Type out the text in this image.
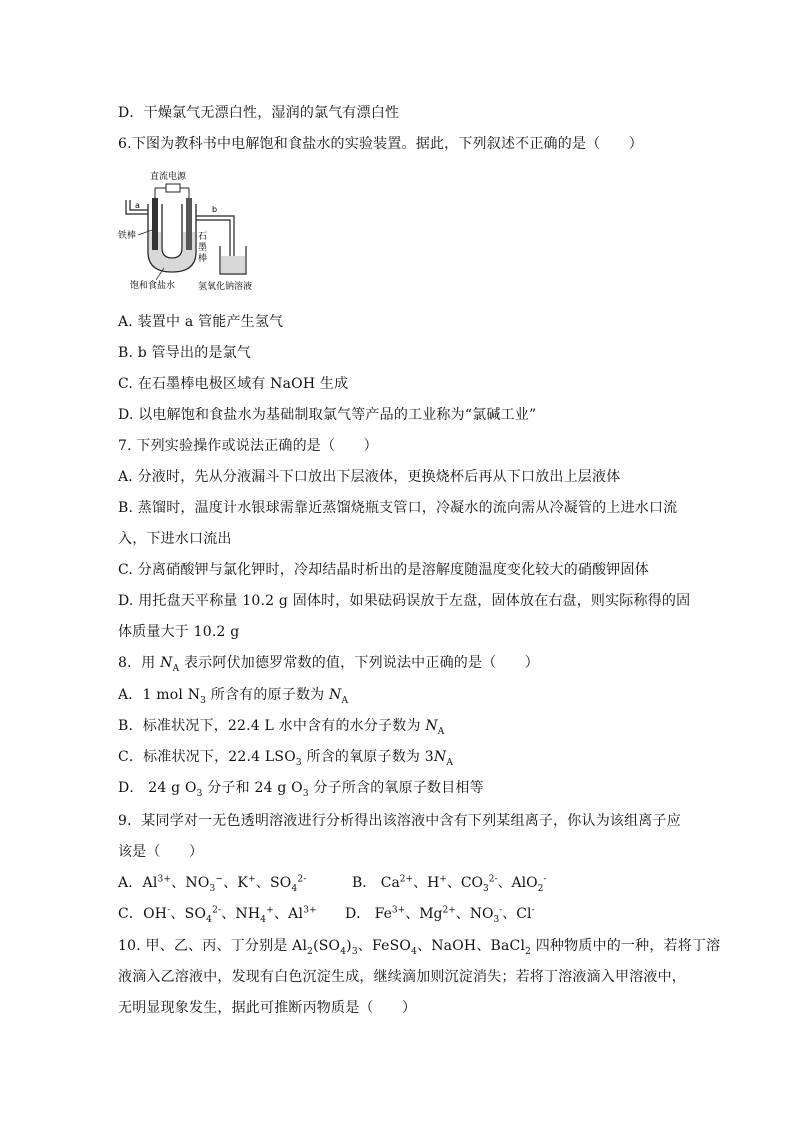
D．干燥氯气无漂白性，湿润的氯气有漂白性
6.下图为教科书中电解饱和食盐水的实验装置。据此，下列叙述不正确的是（　　）
直流电源
a	b
铁棒	石
墨
棒
饱和食盐水	氢氧化钠溶液
A. 装置中 a 管能产生氢气
B. b 管导出的是氯气
C. 在石墨棒电极区域有 NaOH 生成
D. 以电解饱和食盐水为基础制取氯气等产品的工业称为“氯碱工业”
7. 下列实验操作或说法正确的是（　　）
A. 分液时，先从分液漏斗下口放出下层液体，更换烧杯后再从下口放出上层液体
B. 蒸馏时，温度计水银球需靠近蒸馏烧瓶支管口，冷凝水的流向需从冷凝管的上进水口流
入，下进水口流出
C. 分离硝酸钾与氯化钾时，冷却结晶时析出的是溶解度随温度变化较大的硝酸钾固体
D. 用托盘天平称量 10.2 g 固体时，如果砝码误放于左盘，固体放在右盘，则实际称得的固
体质量大于 10.2 g
8．用 $N_A$ 表示阿伏加德罗常数的值，下列说法中正确的是（　　）
A．1 mol $N_3$ 所含有的原子数为 $N_A$
B．标准状况下，22.4 L 水中含有的水分子数为 $N_A$
C．标准状况下，22.4 $LSO_3$ 所含的氧原子数为 $3N_A$
D． 24 g $O_3$ 分子和 24 g $O_3$ 分子所含的氧原子数目相等
9．某同学对一无色透明溶液进行分析得出该溶液中含有下列某组离子，你认为该组离子应
该是（　　）
A．$Al^{3+}$、$NO_3^-$、K+、$SO_4^{2-}$	B． $Ca^{2+}$、H+、$CO_3^{2-}$、AlO$_2$-
C．OH-、$SO_4^{2-}$、$NH_4^+$、$Al^{3+}$ D． $Fe^{3+}$、$Mg^{2+}$、$NO_3^-$、Cl-
10. 甲、乙、丙、丁分别是 $Al_2(SO_4)_3$、FeSO$_4$、NaOH、BaCl$_2$ 四种物质中的一种，若将丁溶
液滴入乙溶液中，发现有白色沉淀生成，继续滴加则沉淀消失；若将丁溶液滴入甲溶液中，
无明显现象发生，据此可推断丙物质是（　　）
